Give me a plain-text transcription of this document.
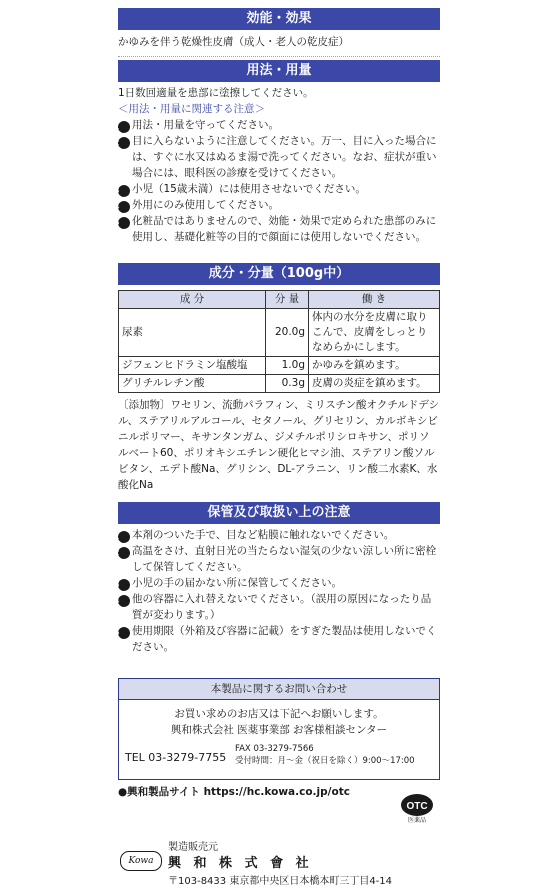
効能・効果
かゆみを伴う乾燥性皮膚（成人・老人の乾皮症）
用法・用量
1日数回適量を患部に塗擦してください。
＜用法・用量に関連する注意＞
1 用法・用量を守ってください。
2 目に入らないように注意してください。万一、目に入った場合には、すぐに水又はぬるま湯で洗ってください。なお、症状が重い場合には、眼科医の診療を受けてください。
3 小児（15歳未満）には使用させないでください。
4 外用にのみ使用してください。
5 化粧品ではありませんので、効能・効果で定められた患部のみに使用し、基礎化粧等の目的で顔面には使用しないでください。
成分・分量（100g中）
成 分	分 量	働 き
尿素	20.0g	体内の水分を皮膚に取りこんで、皮膚をしっとりなめらかにします。
ジフェンヒドラミン塩酸塩	1.0g	かゆみを鎮めます。
グリチルレチン酸	0.3g	皮膚の炎症を鎮めます。
〔添加物〕ワセリン、流動パラフィン、ミリスチン酸オクチルドデシル、ステアリルアルコール、セタノール、グリセリン、カルボキシビニルポリマー、キサンタンガム、ジメチルポリシロキサン、ポリソルベート60、ポリオキシエチレン硬化ヒマシ油、ステアリン酸ソルビタン、エデト酸Na、グリシン、DL-アラニン、リン酸二水素K、水酸化Na
保管及び取扱い上の注意
1 本剤のついた手で、目など粘膜に触れないでください。
2 高温をさけ、直射日光の当たらない湿気の少ない涼しい所に密栓して保管してください。
3 小児の手の届かない所に保管してください。
4 他の容器に入れ替えないでください。（誤用の原因になったり品質が変わります。）
5 使用期限（外箱及び容器に記載）をすぎた製品は使用しないでください。
本製品に関するお問い合わせ
お買い求めのお店又は下記へお願いします。
興和株式会社 医薬事業部 お客様相談センター
TEL 03-3279-7755
FAX 03-3279-7566
受付時間：月～金（祝日を除く）9:00～17:00
●興和製品サイト https://hc.kowa.co.jp/otc
OTC
医薬品
製造販売元
Kowa	興 和 株 式 會 社
〒103-8433 東京都中央区日本橋本町三丁目4-14
